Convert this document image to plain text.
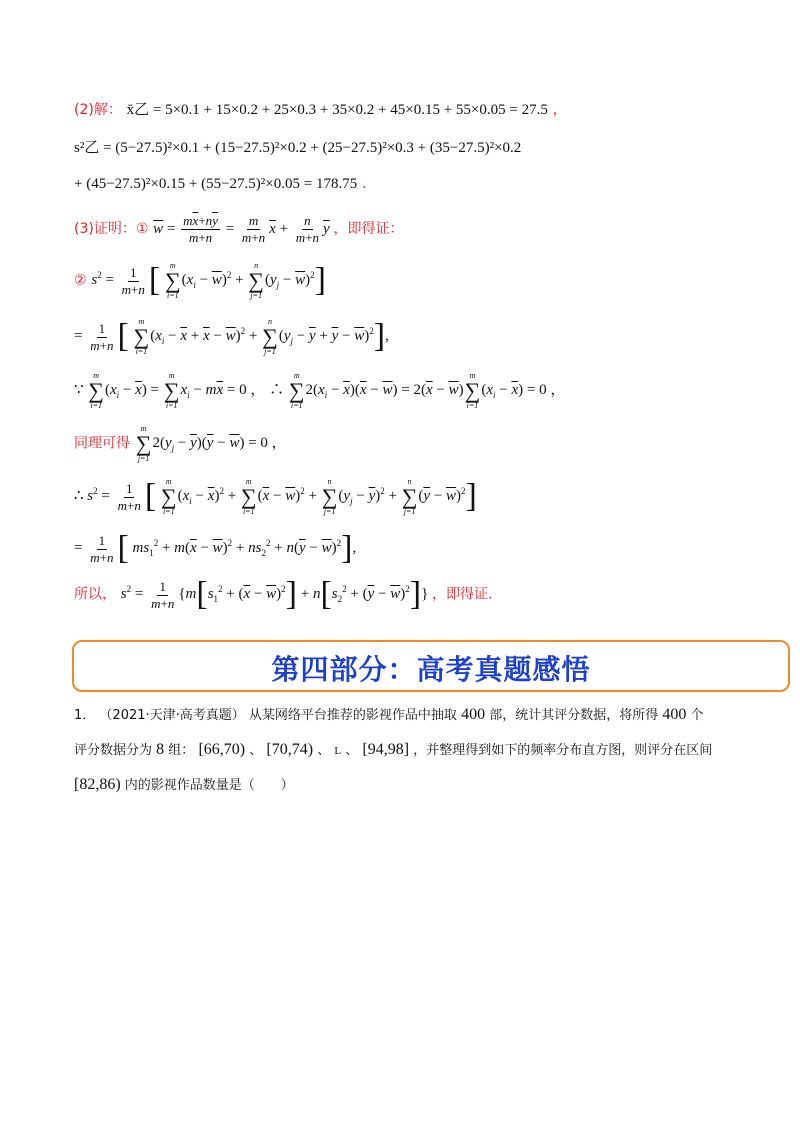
(2)解： x̄乙 = 5×0.1 + 15×0.2 + 25×0.3 + 35×0.2 + 45×0.15 + 55×0.05 = 27.5 ，
s²乙 = (5−27.5)²×0.1 + (15−27.5)²×0.2 + (25−27.5)²×0.3 + (35−27.5)²×0.2
+ (45−27.5)²×0.15 + (55−27.5)²×0.05 = 178.75 .
(3)证明：① $\overline{w} = \frac{m\overline{x}+n\overline{y}}{m+n} = \frac{m}{m+n} \overline{x} + \frac{n}{m+n} \overline{y}$ ，即得证：
② $s^2 = \frac{1}{m+n}$ [ m
∑
i=1
$(x_i - \overline{w})^2$ +
n
∑
j=1
$(y_j - \overline{w})^2$]
= $\frac{1}{m+n}$ [ m
∑
i=1
$(x_i - \overline{x} + \overline{x} - \overline{w})^2$ +
n
∑
j=1
$(y_j - \overline{y} + \overline{y} - \overline{w})^2$],
∵
m
∑
i=1
$(x_i - \overline{x})$ =
m
∑
i=1
$x_i - m\overline{x} = 0$ ， ∴
m
∑
i=1
$2(x_i - \overline{x})(\overline{x} - \overline{w}) = 2(\overline{x} - \overline{w})$
m
∑
i=1
$(x_i - \overline{x}) = 0$ ，
同理可得
m
∑
j=1
$2(y_j - \overline{y})(\overline{y} - \overline{w}) = 0$ ，
∴ $s^2 = \frac{1}{m+n}$ [ m
∑
i=1
$(x_i - \overline{x})^2$ +
m
∑
i=1
$(\overline{x} - \overline{w})^2$ +
n
∑
j=1
$(y_j - \overline{y})^2$ +
n
∑
j=1
$(\overline{y} - \overline{w})^2$]
= $\frac{1}{m+n}$ [ $ms_1^2 + m(\overline{x} - \overline{w})^2 + ns_2^2 + n(\overline{y} - \overline{w})^2$],
所以， $s^2 = \frac{1}{m+n} \{m[s_1^2 + (\overline{x} - \overline{w})^2] + n[s_2^2 + (\overline{y} - \overline{w})^2]\}$ ，即得证.
第四部分：高考真题感悟
1． （2021·天津·高考真题） 从某网络平台推荐的影视作品中抽取 400 部，统计其评分数据，将所得 400 个
评分数据分为 8 组： [66,70) 、 [70,74) 、 L 、 [94,98] ，并整理得到如下的频率分布直方图，则评分在区间
[82,86) 内的影视作品数量是（　　）
